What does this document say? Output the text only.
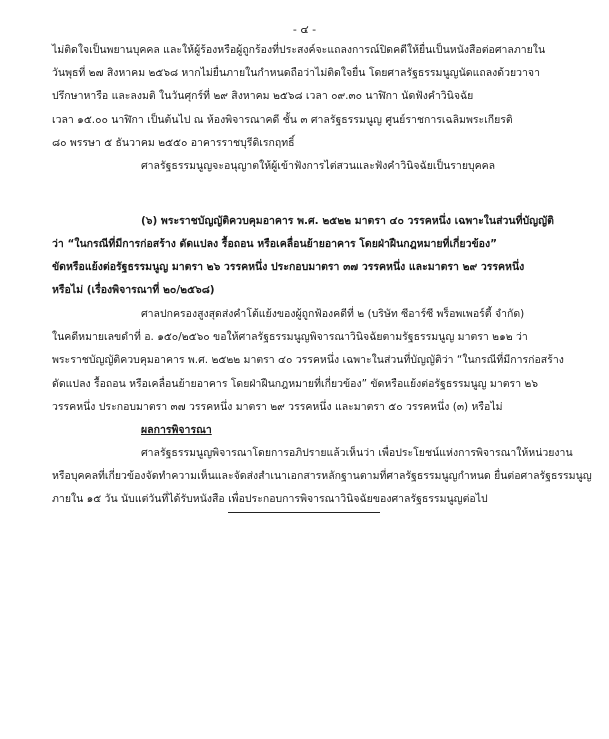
- ๔ -
ไม่ติดใจเป็นพยานบุคคล และให้ผู้ร้องหรือผู้ถูกร้องที่ประสงค์จะแถลงการณ์ปิดคดีให้ยื่นเป็นหนังสือต่อศาลภายใน
วันพุธที่ ๒๗ สิงหาคม ๒๕๖๘ หากไม่ยื่นภายในกำหนดถือว่าไม่ติดใจยื่น โดยศาลรัฐธรรมนูญนัดแถลงด้วยวาจา
ปรึกษาหารือ และลงมติ ในวันศุกร์ที่ ๒๙ สิงหาคม ๒๕๖๘ เวลา ๐๙.๓๐ นาฬิกา นัดฟังคำวินิจฉัย
เวลา ๑๕.๐๐ นาฬิกา เป็นต้นไป ณ ห้องพิจารณาคดี ชั้น ๓ ศาลรัฐธรรมนูญ ศูนย์ราชการเฉลิมพระเกียรติ
๘๐ พรรษา ๕ ธันวาคม ๒๕๕๐ อาคารราชบุรีดิเรกฤทธิ์
ศาลรัฐธรรมนูญจะอนุญาตให้ผู้เข้าฟังการไต่สวนและฟังคำวินิจฉัยเป็นรายบุคคล
(๖) พระราชบัญญัติควบคุมอาคาร พ.ศ. ๒๕๒๒ มาตรา ๔๐ วรรคหนึ่ง เฉพาะในส่วนที่บัญญัติ
ว่า “ในกรณีที่มีการก่อสร้าง ดัดแปลง รื้อถอน หรือเคลื่อนย้ายอาคาร โดยฝ่าฝืนกฎหมายที่เกี่ยวข้อง”
ขัดหรือแย้งต่อรัฐธรรมนูญ มาตรา ๒๖ วรรคหนึ่ง ประกอบมาตรา ๓๗ วรรคหนึ่ง และมาตรา ๒๙ วรรคหนึ่ง
หรือไม่ (เรื่องพิจารณาที่ ๒๐/๒๕๖๘)
ศาลปกครองสูงสุดส่งคำโต้แย้งของผู้ถูกฟ้องคดีที่ ๒ (บริษัท ซีอาร์ซี พร็อพเพอร์ตี้ จำกัด)
ในคดีหมายเลขดำที่ อ. ๑๕๐/๒๕๖๐ ขอให้ศาลรัฐธรรมนูญพิจารณาวินิจฉัยตามรัฐธรรมนูญ มาตรา ๒๑๒ ว่า
พระราชบัญญัติควบคุมอาคาร พ.ศ. ๒๕๒๒ มาตรา ๔๐ วรรคหนึ่ง เฉพาะในส่วนที่บัญญัติว่า “ในกรณีที่มีการก่อสร้าง
ดัดแปลง รื้อถอน หรือเคลื่อนย้ายอาคาร โดยฝ่าฝืนกฎหมายที่เกี่ยวข้อง” ขัดหรือแย้งต่อรัฐธรรมนูญ มาตรา ๒๖
วรรคหนึ่ง ประกอบมาตรา ๓๗ วรรคหนึ่ง มาตรา ๒๙ วรรคหนึ่ง และมาตรา ๕๐ วรรคหนึ่ง (๓) หรือไม่
ผลการพิจารณา
ศาลรัฐธรรมนูญพิจารณาโดยการอภิปรายแล้วเห็นว่า เพื่อประโยชน์แห่งการพิจารณาให้หน่วยงาน
หรือบุคคลที่เกี่ยวข้องจัดทำความเห็นและจัดส่งสำเนาเอกสารหลักฐานตามที่ศาลรัฐธรรมนูญกำหนด ยื่นต่อศาลรัฐธรรมนูญ
ภายใน ๑๕ วัน นับแต่วันที่ได้รับหนังสือ เพื่อประกอบการพิจารณาวินิจฉัยของศาลรัฐธรรมนูญต่อไป
